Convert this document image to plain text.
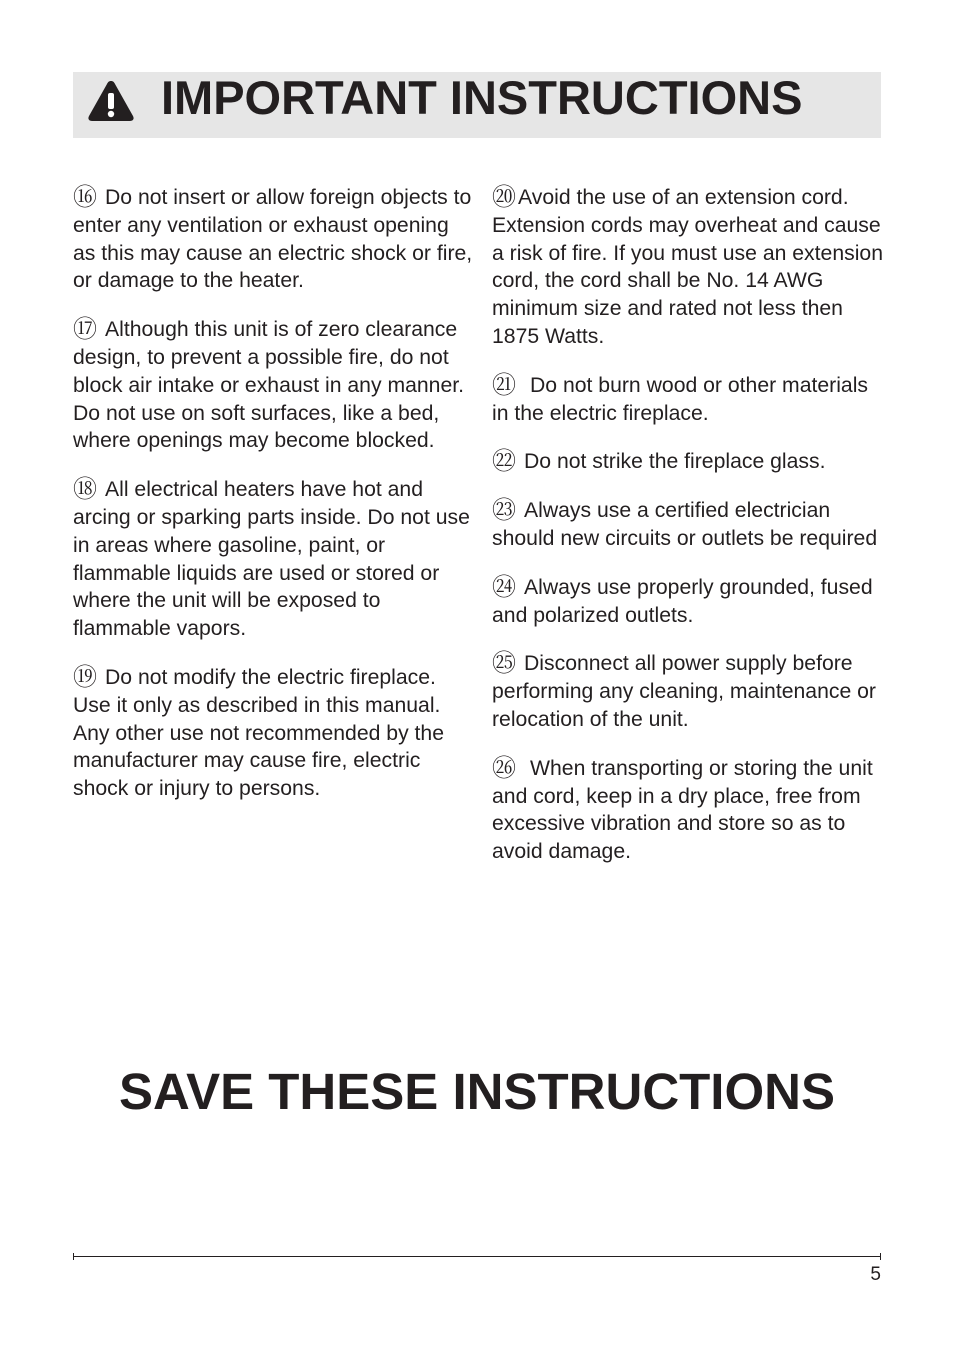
IMPORTANT INSTRUCTIONS

⑯ Do not insert or allow foreign objects to enter any ventilation or exhaust opening as this may cause an electric shock or fire, or damage to the heater.

⑰ Although this unit is of zero clearance design, to prevent a possible fire, do not block air intake or exhaust in any manner. Do not use on soft surfaces, like a bed, where openings may become blocked.

⑱ All electrical heaters have hot and arcing or sparking parts inside. Do not use in areas where gasoline, paint, or flammable liquids are used or stored or where the unit will be exposed to flammable vapors.

⑲ Do not modify the electric fireplace. Use it only as described in this manual. Any other use not recommended by the manufacturer may cause fire, electric shock or injury to persons.

⑳Avoid the use of an extension cord. Extension cords may overheat and cause a risk of fire. If you must use an extension cord, the cord shall be No. 14 AWG minimum size and rated not less then 1875 Watts.

㉑ Do not burn wood or other materials in the electric fireplace.

㉒ Do not strike the fireplace glass.

㉓ Always use a certified electrician should new circuits or outlets be required

㉔ Always use properly grounded, fused and polarized outlets.

㉕ Disconnect all power supply before performing any cleaning, maintenance or relocation of the unit.

㉖ When transporting or storing the unit and cord, keep in a dry place, free from excessive vibration and store so as to avoid damage.

SAVE THESE INSTRUCTIONS
5
